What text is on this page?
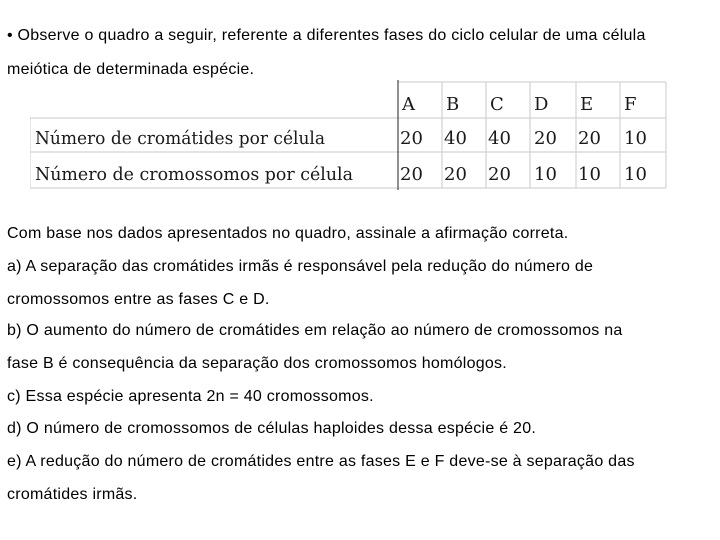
• Observe o quadro a seguir, referente a diferentes fases do ciclo celular de uma célula
meiótica de determinada espécie.
A B C D E F
Número de cromátides por célula	20 40 40 20 20 10
Número de cromossomos por célula	20 20 20 10 10 10
Com base nos dados apresentados no quadro, assinale a afirmação correta.
a) A separação das cromátides irmãs é responsável pela redução do número de
cromossomos entre as fases C e D.
b) O aumento do número de cromátides em relação ao número de cromossomos na
fase B é consequência da separação dos cromossomos homólogos.
c) Essa espécie apresenta 2n = 40 cromossomos.
d) O número de cromossomos de células haploides dessa espécie é 20.
e) A redução do número de cromátides entre as fases E e F deve-se à separação das
cromátides irmãs.
